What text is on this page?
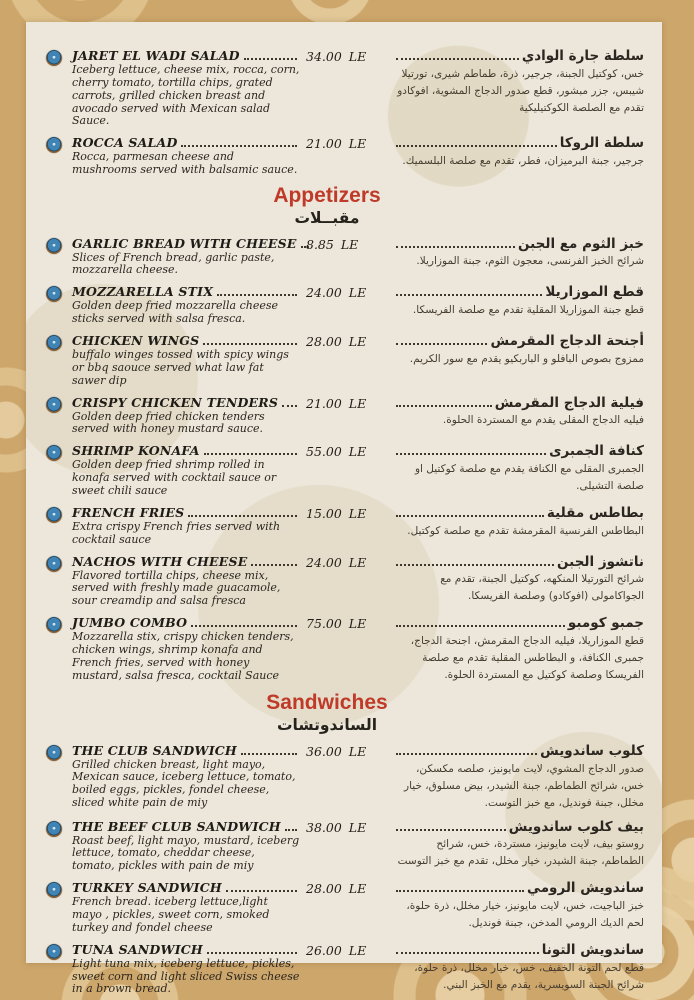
JARET EL WADI SALAD
Iceberg lettuce, cheese mix, rocca, corn, cherry tomato, tortilla chips, grated carrots, grilled chicken breast and avocado served with Mexican salad Sauce.
34.00 LE	سلطة جارة الوادي
خس، كوكتيل الجبنة، جرجير، ذرة، طماطم شيرى، تورتيلا شيبس، جزر مبشور، قطع صدور الدجاج المشوية، افوكادو تقدم مع الصلصة الكوكتيليكية
ROCCA SALAD
Rocca, parmesan cheese and mushrooms served with balsamic sauce.
21.00 LE	سلطة الروكا
جرجير، جبنة البرميزان، فطر، تقدم مع صلصة البلسميك.
Appetizers
مقبــلات
GARLIC BREAD WITH CHEESE
Slices of French bread, garlic paste, mozzarella cheese.
8.85 LE	خبز الثوم مع الجبن
شرائح الخبز الفرنسى، معجون الثوم، جبنة الموزاريلا.
MOZZARELLA STIX
Golden deep fried mozzarella cheese sticks served with salsa fresca.
24.00 LE	قطع الموزاريلا
قطع جبنة الموزاريلا المقلية تقدم مع صلصة الفريسكا.
CHICKEN WINGS
buffalo winges tossed with spicy wings or bbq saouce served what law fat sawer dip
28.00 LE	أجنحة الدجاج المقرمش
ممزوج بصوص البافلو و الباربكيو يقدم مع سور الكريم.
CRISPY CHICKEN TENDERS
Golden deep fried chicken tenders served with honey mustard sauce.
21.00 LE	فيلية الدجاج المقرمش
فيليه الدجاج المقلى يقدم مع المستردة الحلوة.
SHRIMP KONAFA
Golden deep fried shrimp rolled in konafa served with cocktail sauce or sweet chili sauce
55.00 LE	كنافة الجمبرى
الجمبرى المقلى مع الكنافة يقدم مع صلصة كوكتيل او صلصة التشيلى.
FRENCH FRIES
Extra crispy French fries served with cocktail sauce
15.00 LE	بطاطس مقلية
البطاطس الفرنسية المقرمشة تقدم مع صلصة كوكتيل.
NACHOS WITH CHEESE
Flavored tortilla chips, cheese mix, served with freshly made guacamole, sour creamdip and salsa fresca
24.00 LE	ناتشوز الجبن
شرائح التورتيلا المنكهه، كوكتيل الجبنة، تقدم مع الجواكامولى (افوكادو) وصلصة الفريسكا.
JUMBO COMBO
Mozzarella stix, crispy chicken tenders, chicken wings, shrimp konafa and French fries, served with honey mustard, salsa fresca, cocktail Sauce
75.00 LE	جمبو كومبو
قطع الموزاريلا، فيليه الدجاج المقرمش، اجنحة الدجاج، جمبرى الكنافة، و البطاطس المقلية تقدم مع صلصة الفريسكا وصلصة كوكتيل مع المستردة الحلوة.
Sandwiches
الساندوتشات
THE CLUB SANDWICH
Grilled chicken breast, light mayo, Mexican sauce, iceberg lettuce, tomato, boiled eggs, pickles, fondel cheese, sliced white pain de miy
36.00 LE	كلوب ساندويش
صدور الدجاج المشوي، لايت مايونيز، صلصه مكسكن، خس، شرائح الطماطم، جبنة الشيدر، بيض مسلوق، خيار مخلل، جبنة فونديل، مع خبز التوست.
THE BEEF CLUB SANDWICH
Roast beef, light mayo, mustard, iceberg lettuce, tomato, cheddar cheese, tomato, pickles with pain de miy
38.00 LE	بيف كلوب ساندويش
روستو بيف، لايت مايونيز، مستردة، خس، شرائح الطماطم، جبنة الشيدر، خيار مخلل، تقدم مع خبز التوست
TURKEY SANDWICH
French bread. iceberg lettuce,light mayo , pickles, sweet corn, smoked turkey and fondel cheese
28.00 LE	ساندويش الرومي
خبز الباجيت، خس، لايت مايونيز، خيار مخلل، ذرة حلوة، لحم الديك الرومي المدخن، جبنة فونديل.
TUNA SANDWICH
Light tuna mix, iceberg lettuce, pickles, sweet corn and light sliced Swiss cheese in a brown bread.
26.00 LE	ساندويش التونا
قطع لحم التونة الخفيف، خس، خيار مخلل، ذرة حلوة، شرائح الجبنة السويسرية، يقدم مع الخبز البني.
